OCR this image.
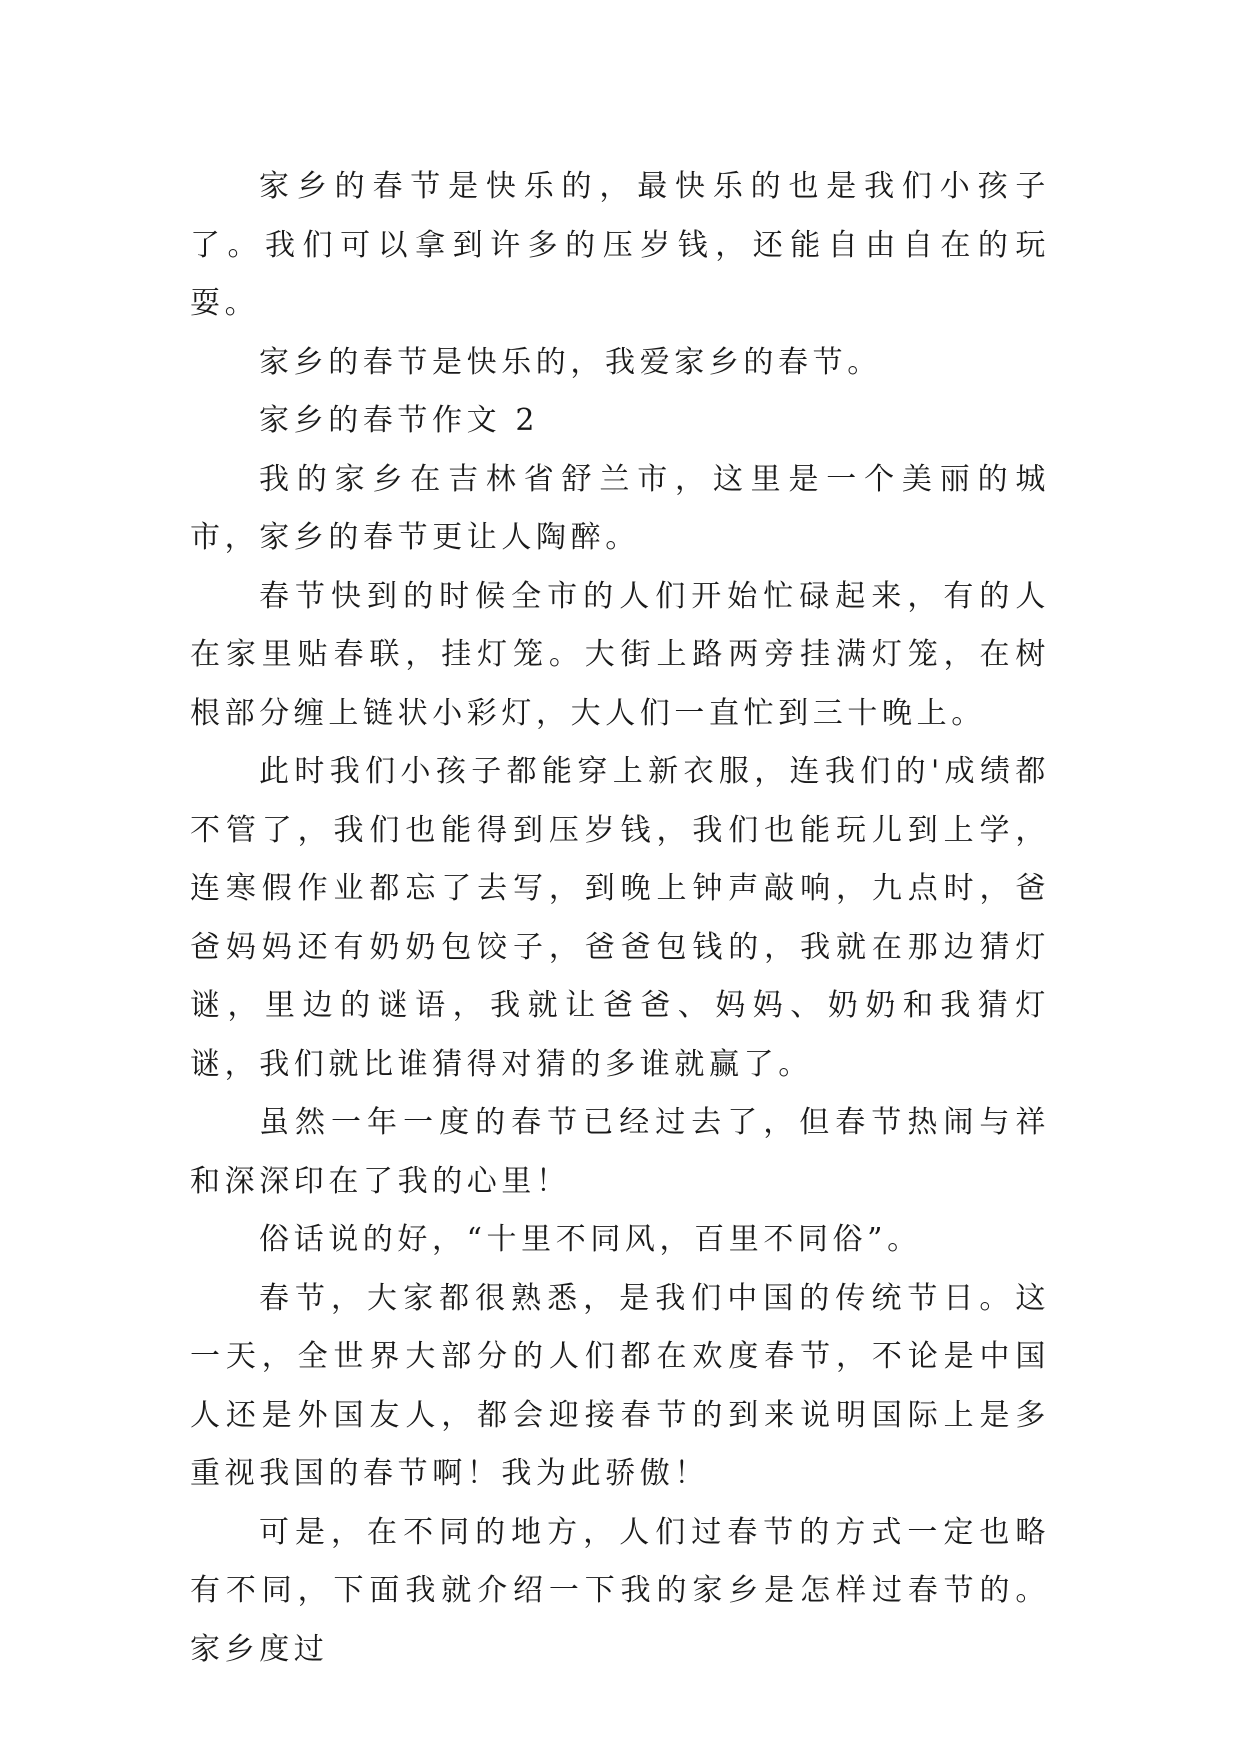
家乡的春节是快乐的，最快乐的也是我们小孩子了。我们可以拿到许多的压岁钱，还能自由自在的玩耍。

家乡的春节是快乐的，我爱家乡的春节。

家乡的春节作文 2

我的家乡在吉林省舒兰市，这里是一个美丽的城市，家乡的春节更让人陶醉。

春节快到的时候全市的人们开始忙碌起来，有的人在家里贴春联，挂灯笼。大街上路两旁挂满灯笼，在树根部分缠上链状小彩灯，大人们一直忙到三十晚上。

此时我们小孩子都能穿上新衣服，连我们的'成绩都不管了，我们也能得到压岁钱，我们也能玩儿到上学，连寒假作业都忘了去写，到晚上钟声敲响，九点时，爸爸妈妈还有奶奶包饺子，爸爸包钱的，我就在那边猜灯谜，里边的谜语，我就让爸爸、妈妈、奶奶和我猜灯谜，我们就比谁猜得对猜的多谁就赢了。

虽然一年一度的春节已经过去了，但春节热闹与祥和深深印在了我的心里！

俗话说的好，“十里不同风，百里不同俗”。

春节，大家都很熟悉，是我们中国的传统节日。这一天，全世界大部分的人们都在欢度春节，不论是中国人还是外国友人，都会迎接春节的到来说明国际上是多重视我国的春节啊！我为此骄傲！

可是，在不同的地方，人们过春节的方式一定也略有不同，下面我就介绍一下我的家乡是怎样过春节的。家乡度过
